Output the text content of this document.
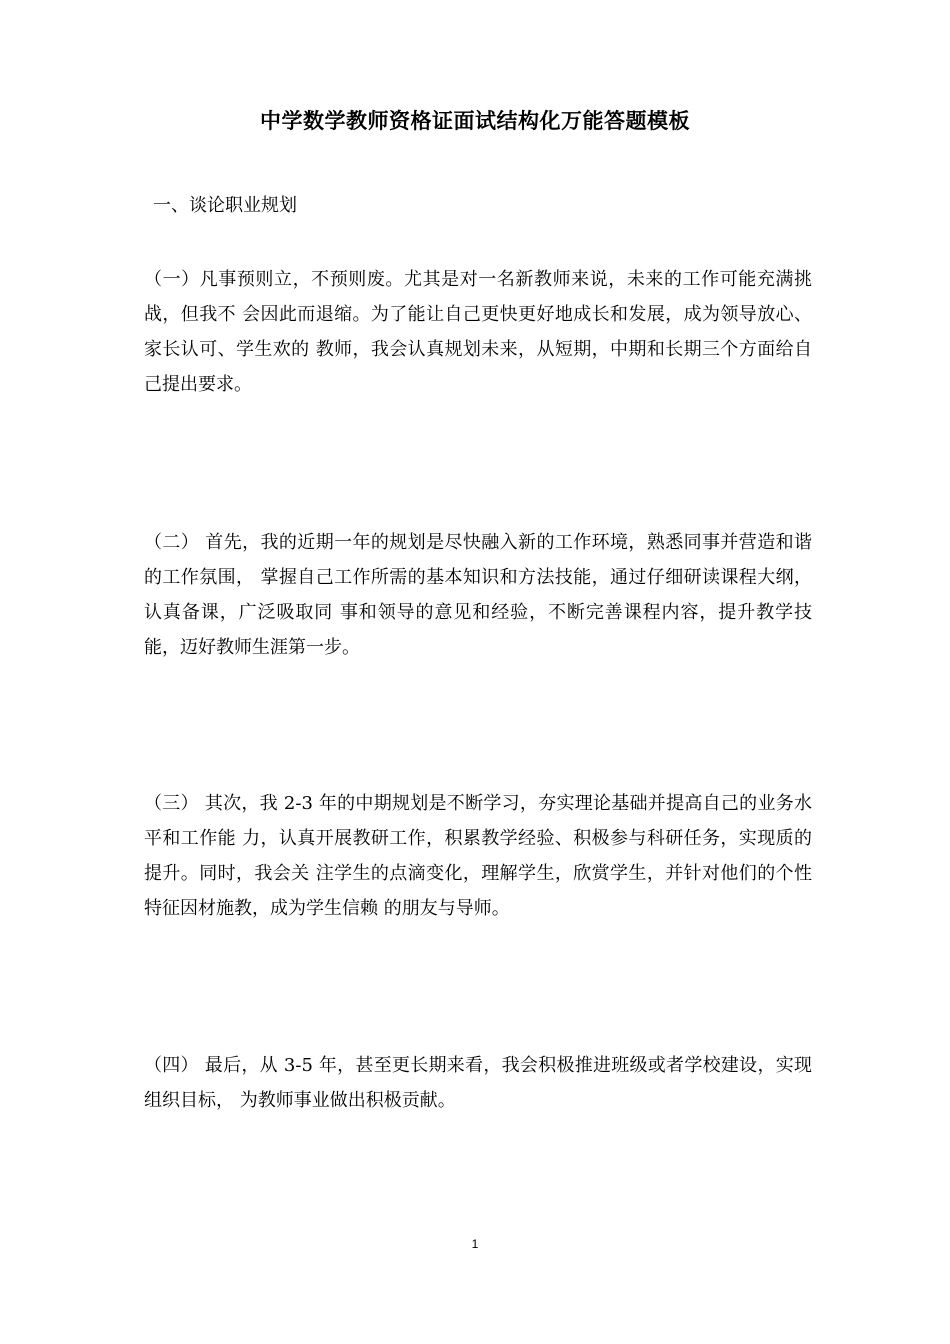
中学数学教师资格证面试结构化万能答题模板
一、谈论职业规划
（一）凡事预则立，不预则废。尤其是对一名新教师来说，未来的工作可能充满挑战，但我不 会因此而退缩。为了能让自己更快更好地成长和发展，成为领导放心、家长认可、学生欢的 教师，我会认真规划未来，从短期，中期和长期三个方面给自己提出要求。
（二） 首先，我的近期一年的规划是尽快融入新的工作环境，熟悉同事并营造和谐的工作氛围， 掌握自己工作所需的基本知识和方法技能，通过仔细研读课程大纲，认真备课，广泛吸取同 事和领导的意见和经验，不断完善课程内容，提升教学技能，迈好教师生涯第一步。
（三） 其次，我 2-3 年的中期规划是不断学习，夯实理论基础并提高自己的业务水平和工作能 力，认真开展教研工作，积累教学经验、积极参与科研任务，实现质的提升。同时，我会关 注学生的点滴变化，理解学生，欣赏学生，并针对他们的个性特征因材施教，成为学生信赖 的朋友与导师。
（四） 最后，从 3-5 年，甚至更长期来看，我会积极推进班级或者学校建设，实现组织目标， 为教师事业做出积极贡献。
1
